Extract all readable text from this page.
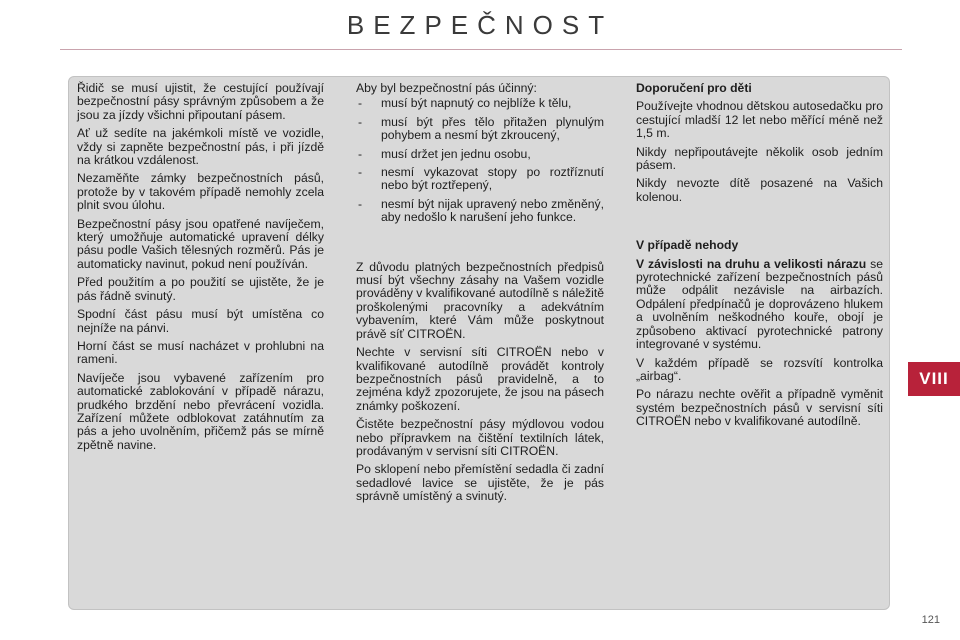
BEZPEČNOST

Řidič se musí ujistit, že cestující používají bezpečnostní pásy správným způsobem a že jsou za jízdy všichni připoutaní pásem.

Ať už sedíte na jakémkoli místě ve vozidle, vždy si zapněte bezpečnostní pás, i při jízdě na krátkou vzdálenost.

Nezaměňte zámky bezpečnostních pásů, protože by v takovém případě nemohly zcela plnit svou úlohu.

Bezpečnostní pásy jsou opatřené navíječem, který umožňuje automatické upravení délky pásu podle Vašich tělesných rozměrů. Pás je automaticky navinut, pokud není používán.

Před použitím a po použití se ujistěte, že je pás řádně svinutý.

Spodní část pásu musí být umístěna co nejníže na pánvi.

Horní část se musí nacházet v prohlubni na rameni.

Navíječe jsou vybavené zařízením pro automatické zablokování v případě nárazu, prudkého brzdění nebo převrácení vozidla. Zařízení můžete odblokovat zatáhnutím za pás a jeho uvolněním, přičemž pás se mírně zpětně navine.

Aby byl bezpečnostní pás účinný:

- musí být napnutý co nejblíže k tělu,
- musí být přes tělo přitažen plynulým pohybem a nesmí být zkroucený,
- musí držet jen jednu osobu,
- nesmí vykazovat stopy po roztříznutí nebo být roztřepený,
- nesmí být nijak upravený nebo změněný, aby nedošlo k narušení jeho funkce.

Z důvodu platných bezpečnostních předpisů musí být všechny zásahy na Vašem vozidle prováděny v kvalifikované autodílně s náležitě proškolenými pracovníky a adekvátním vybavením, které Vám může poskytnout právě síť CITROËN.

Nechte v servisní síti CITROËN nebo v kvalifikované autodílně provádět kontroly bezpečnostních pásů pravidelně, a to zejména když zpozorujete, že jsou na pásech známky poškození.

Čistěte bezpečnostní pásy mýdlovou vodou nebo přípravkem na čištění textilních látek, prodávaným v servisní síti CITROËN.

Po sklopení nebo přemístění sedadla či zadní sedadlové lavice se ujistěte, že je pás správně umístěný a svinutý.

Doporučení pro děti

Používejte vhodnou dětskou autosedačku pro cestující mladší 12 let nebo měřící méně než 1,5 m.

Nikdy nepřipoutávejte několik osob jedním pásem.

Nikdy nevozte dítě posazené na Vašich kolenou.

V případě nehody

V závislosti na druhu a velikosti nárazu se pyrotechnické zařízení bezpečnostních pásů může odpálit nezávisle na airbazích. Odpálení předpínačů je doprovázeno hlukem a uvolněním neškodného kouře, obojí je způsobeno aktivací pyrotechnické patrony integrované v systému.

V každém případě se rozsvítí kontrolka „airbag“.

Po nárazu nechte ověřit a případně vyměnit systém bezpečnostních pásů v servisní síti CITROËN nebo v kvalifikované autodílně.

VIII
121
